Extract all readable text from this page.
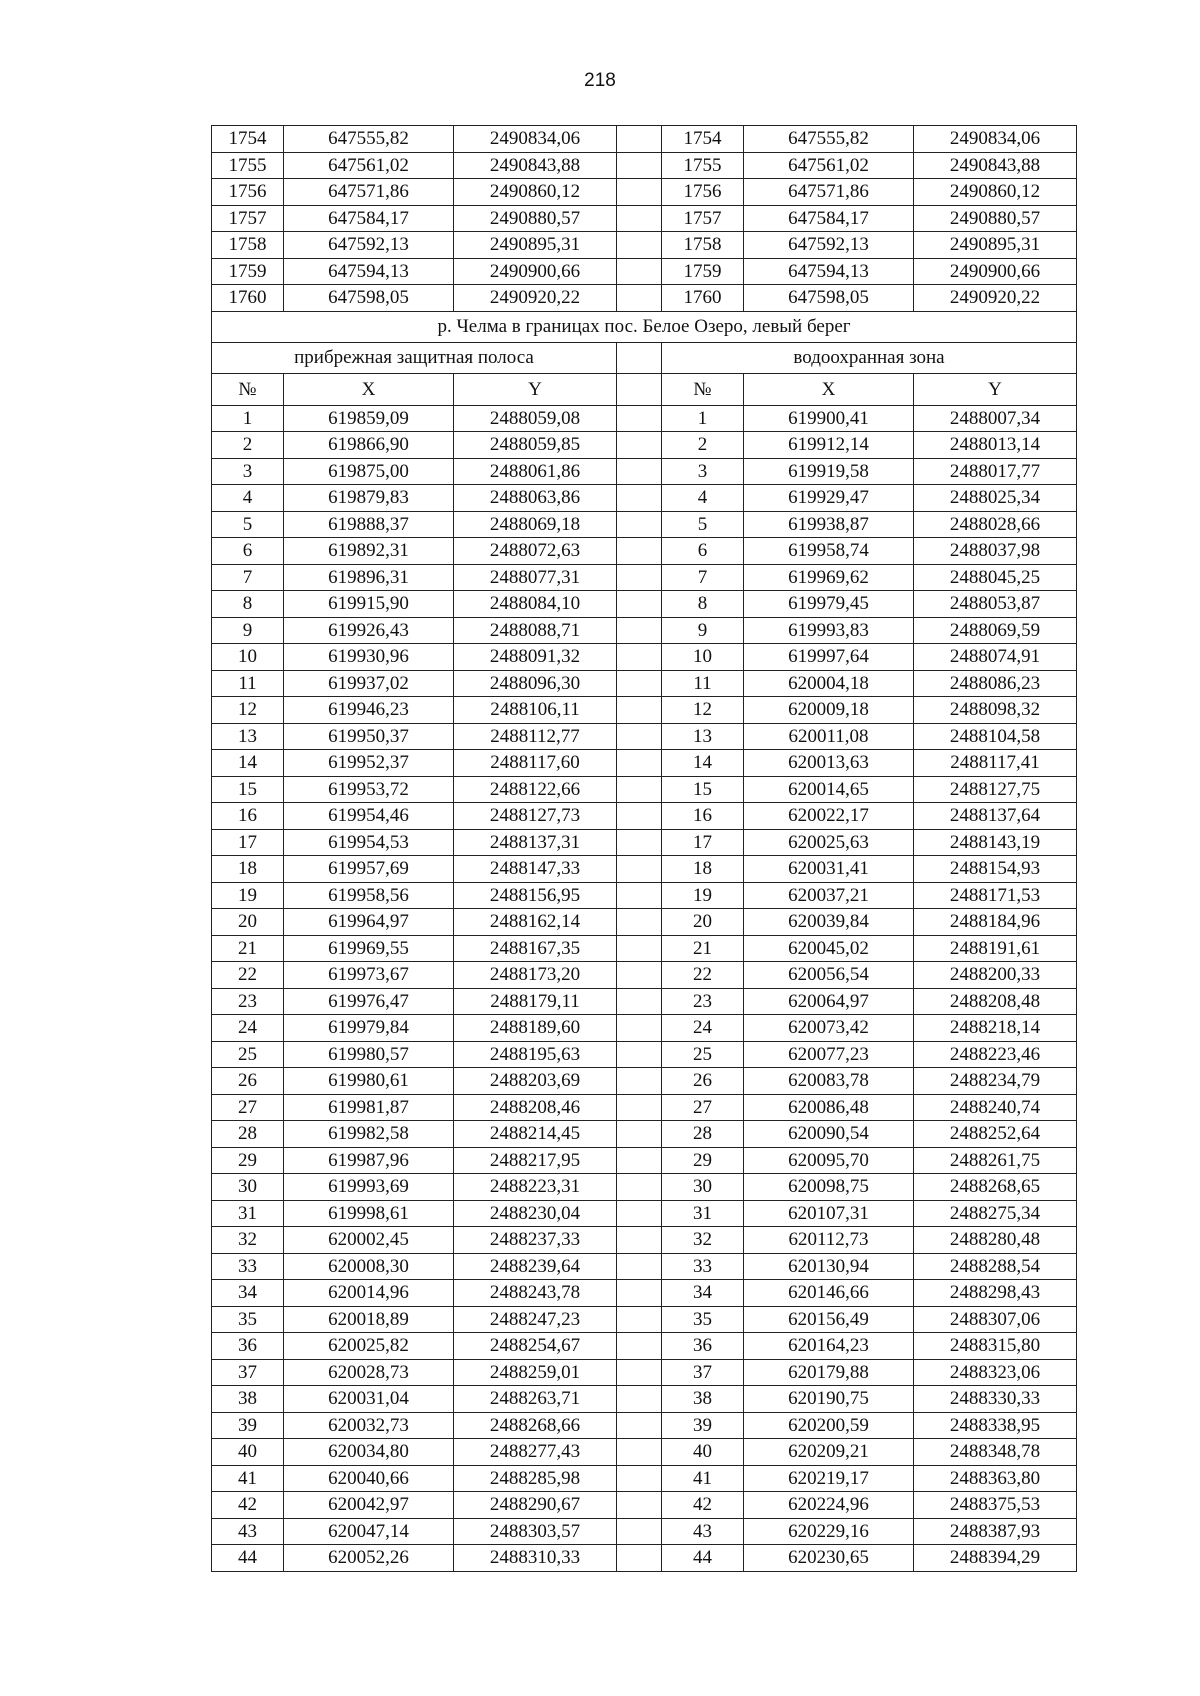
218
1754	647555,82	2490834,06		1754	647555,82	2490834,06
1755	647561,02	2490843,88		1755	647561,02	2490843,88
1756	647571,86	2490860,12		1756	647571,86	2490860,12
1757	647584,17	2490880,57		1757	647584,17	2490880,57
1758	647592,13	2490895,31		1758	647592,13	2490895,31
1759	647594,13	2490900,66		1759	647594,13	2490900,66
1760	647598,05	2490920,22		1760	647598,05	2490920,22
р. Челма в границах пос. Белое Озеро, левый берег						
прибрежная защитная полоса				водоохранная зона		
№	X	Y		№	X	Y
1	619859,09	2488059,08		1	619900,41	2488007,34
2	619866,90	2488059,85		2	619912,14	2488013,14
3	619875,00	2488061,86		3	619919,58	2488017,77
4	619879,83	2488063,86		4	619929,47	2488025,34
5	619888,37	2488069,18		5	619938,87	2488028,66
6	619892,31	2488072,63		6	619958,74	2488037,98
7	619896,31	2488077,31		7	619969,62	2488045,25
8	619915,90	2488084,10		8	619979,45	2488053,87
9	619926,43	2488088,71		9	619993,83	2488069,59
10	619930,96	2488091,32		10	619997,64	2488074,91
11	619937,02	2488096,30		11	620004,18	2488086,23
12	619946,23	2488106,11		12	620009,18	2488098,32
13	619950,37	2488112,77		13	620011,08	2488104,58
14	619952,37	2488117,60		14	620013,63	2488117,41
15	619953,72	2488122,66		15	620014,65	2488127,75
16	619954,46	2488127,73		16	620022,17	2488137,64
17	619954,53	2488137,31		17	620025,63	2488143,19
18	619957,69	2488147,33		18	620031,41	2488154,93
19	619958,56	2488156,95		19	620037,21	2488171,53
20	619964,97	2488162,14		20	620039,84	2488184,96
21	619969,55	2488167,35		21	620045,02	2488191,61
22	619973,67	2488173,20		22	620056,54	2488200,33
23	619976,47	2488179,11		23	620064,97	2488208,48
24	619979,84	2488189,60		24	620073,42	2488218,14
25	619980,57	2488195,63		25	620077,23	2488223,46
26	619980,61	2488203,69		26	620083,78	2488234,79
27	619981,87	2488208,46		27	620086,48	2488240,74
28	619982,58	2488214,45		28	620090,54	2488252,64
29	619987,96	2488217,95		29	620095,70	2488261,75
30	619993,69	2488223,31		30	620098,75	2488268,65
31	619998,61	2488230,04		31	620107,31	2488275,34
32	620002,45	2488237,33		32	620112,73	2488280,48
33	620008,30	2488239,64		33	620130,94	2488288,54
34	620014,96	2488243,78		34	620146,66	2488298,43
35	620018,89	2488247,23		35	620156,49	2488307,06
36	620025,82	2488254,67		36	620164,23	2488315,80
37	620028,73	2488259,01		37	620179,88	2488323,06
38	620031,04	2488263,71		38	620190,75	2488330,33
39	620032,73	2488268,66		39	620200,59	2488338,95
40	620034,80	2488277,43		40	620209,21	2488348,78
41	620040,66	2488285,98		41	620219,17	2488363,80
42	620042,97	2488290,67		42	620224,96	2488375,53
43	620047,14	2488303,57		43	620229,16	2488387,93
44	620052,26	2488310,33		44	620230,65	2488394,29
